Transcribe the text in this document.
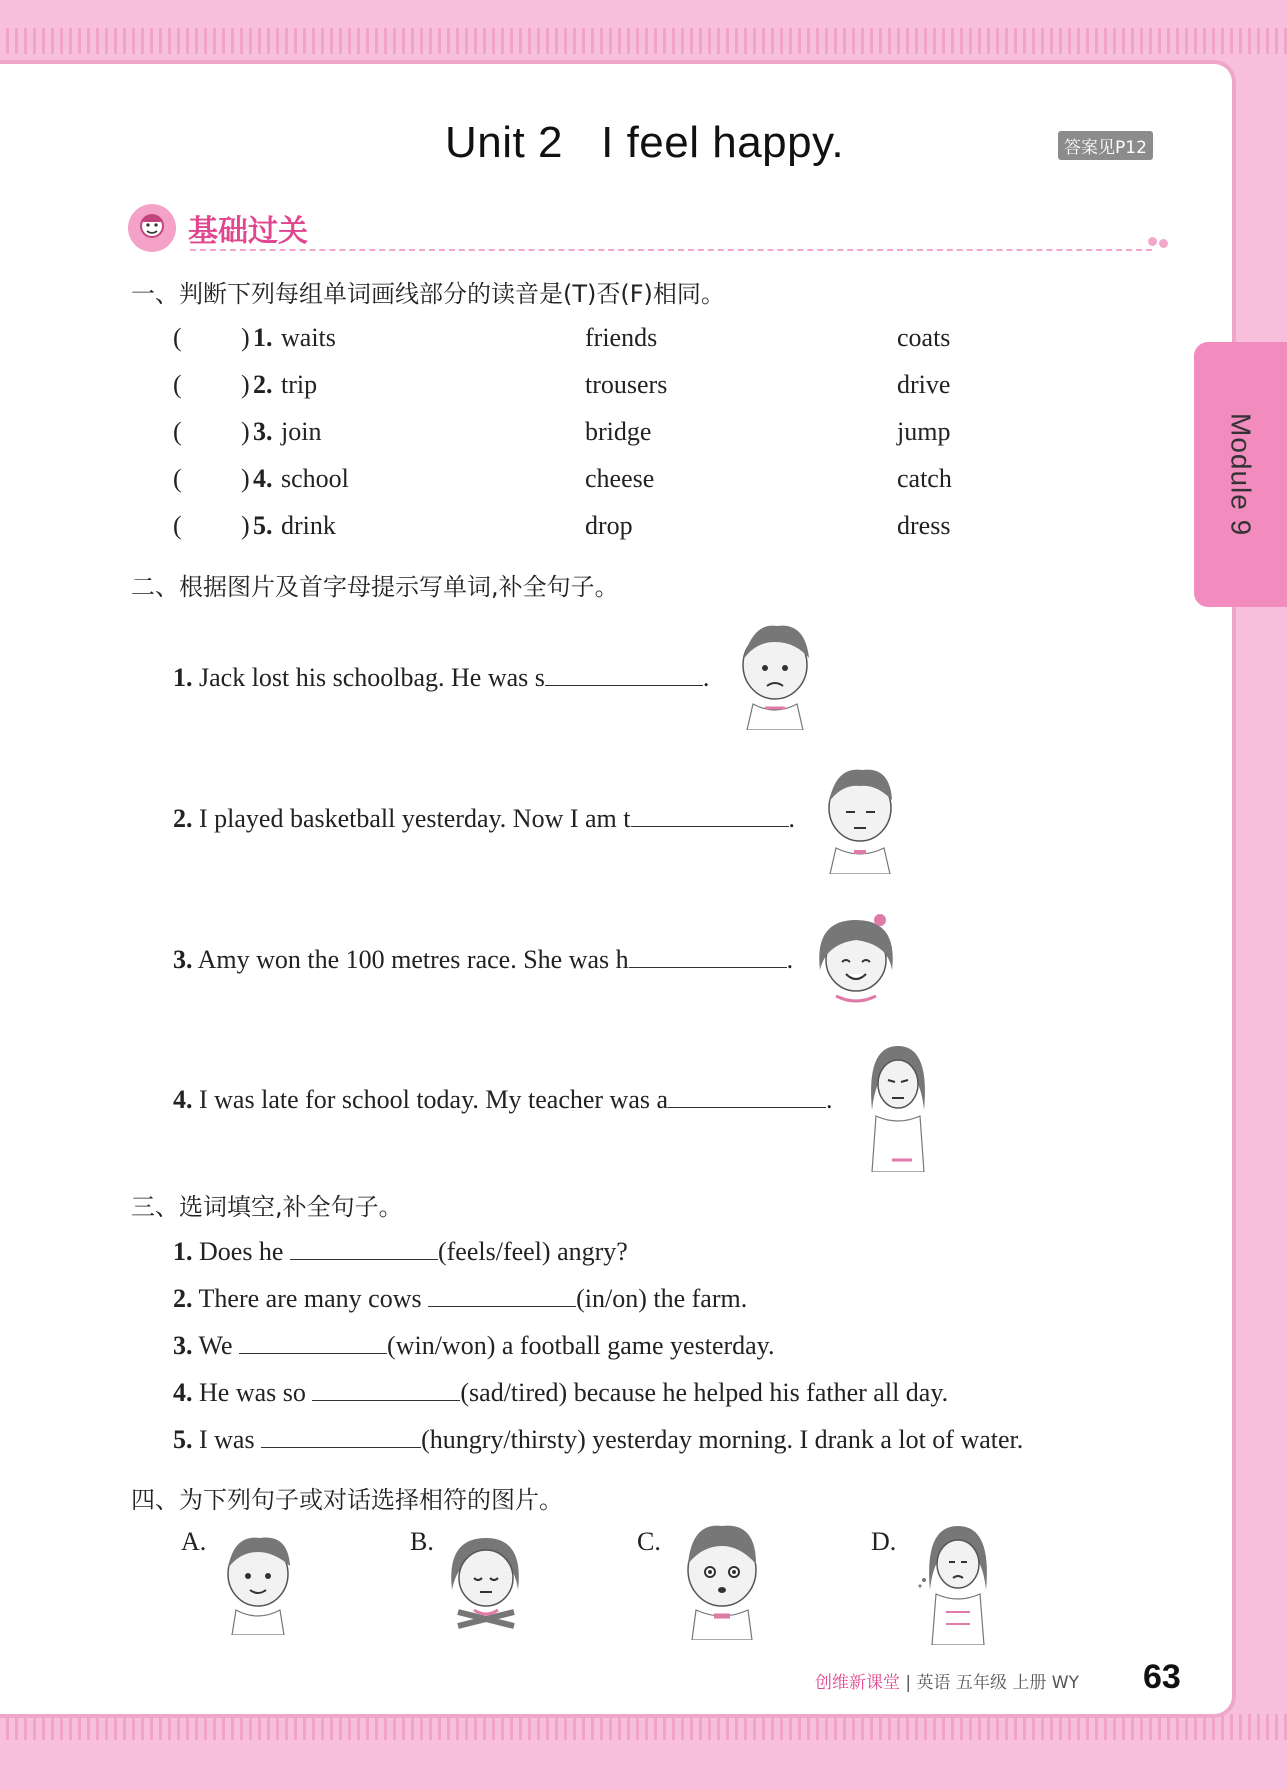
Module 9
Unit 2   I feel happy.	答案见P12
基础过关
一、判断下列每组单词画线部分的读音是(T)否(F)相同。
( ) 1. waits	friends	coats
( ) 2. trip	trousers	drive
( ) 3. join	bridge	jump
( ) 4. school	cheese	catch
( ) 5. drink	drop	dress
二、根据图片及首字母提示写单词,补全句子。
1. Jack lost his schoolbag. He was s	.
2. I played basketball yesterday. Now I am t	.
3. Amy won the 100 metres race. She was h	.
4. I was late for school today. My teacher was a	.
三、选词填空,补全句子。
1. Does he	(feels/feel) angry?
2. There are many cows	(in/on) the farm.
3. We	(win/won) a football game yesterday.
4. He was so	(sad/tired) because he helped his father all day.
5. I was	(hungry/thirsty) yesterday morning. I drank a lot of water.
四、为下列句子或对话选择相符的图片。
A.	B.	C.	D.
创维新课堂 | 英语 五年级 上册 WY 63
